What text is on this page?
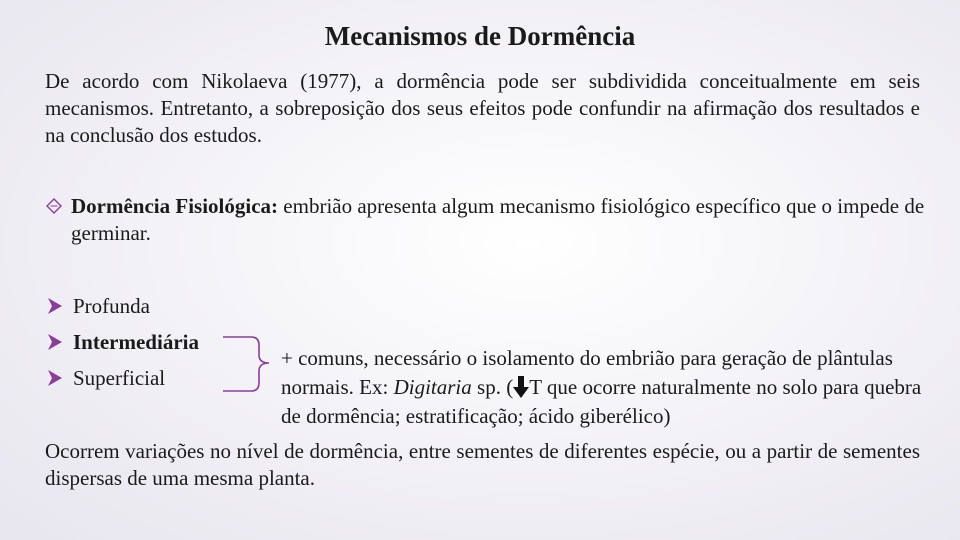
Mecanismos de Dormência
De acordo com Nikolaeva (1977), a dormência pode ser subdividida conceitualmente em seis mecanismos. Entretanto, a sobreposição dos seus efeitos pode confundir na afirmação dos resultados e na conclusão dos estudos.
Dormência Fisiológica: embrião apresenta algum mecanismo fisiológico específico que o impede de germinar.
Profunda
Intermediária
Superficial
+ comuns, necessário o isolamento do embrião para geração de plântulas normais. Ex: Digitaria sp. ( T que ocorre naturalmente no solo para quebra de dormência; estratificação; ácido giberélico)
Ocorrem variações no nível de dormência, entre sementes de diferentes espécie, ou a partir de sementes dispersas de uma mesma planta.
